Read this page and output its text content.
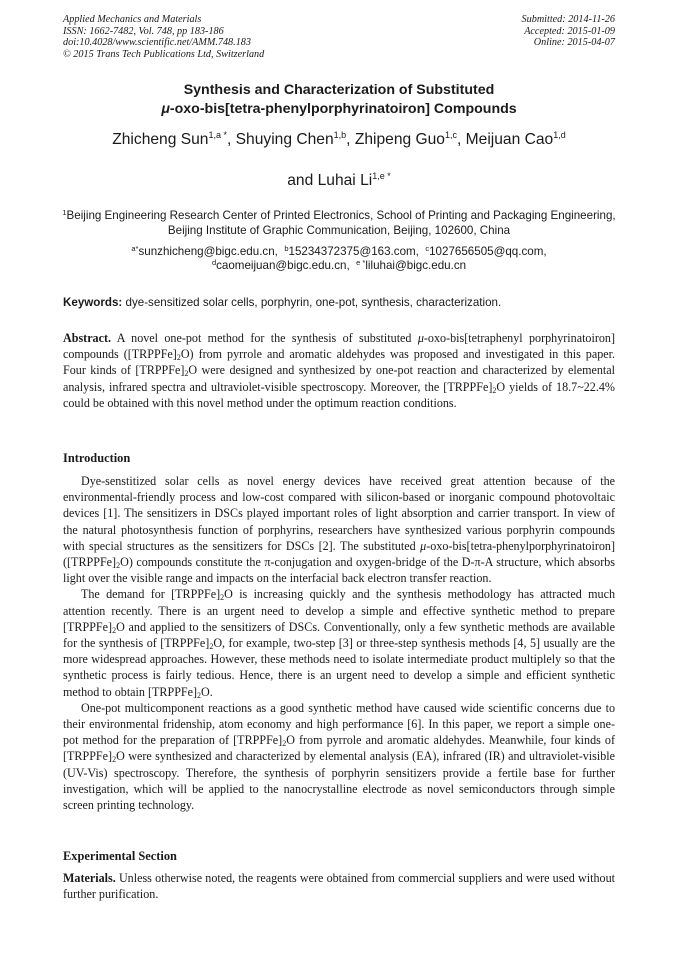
Applied Mechanics and Materials
ISSN: 1662-7482, Vol. 748, pp 183-186
doi:10.4028/www.scientific.net/AMM.748.183
© 2015 Trans Tech Publications Ltd, Switzerland
Submitted: 2014-11-26
Accepted: 2015-01-09
Online: 2015-04-07
Synthesis and Characterization of Substituted
μ-oxo-bis[tetra-phenylporphyrinatoiron] Compounds
Zhicheng Sun$^{1,a *}$, Shuying Chen$^{1,b}$, Zhipeng Guo$^{1,c}$, Meijuan Cao$^{1,d}$
and Luhai $Li^{1,e *}$
$^1$Beijing Engineering Research Center of Printed Electronics, School of Printing and Packaging Engineering, Beijing Institute of Graphic Communication, Beijing, 102600, China
$^{a*}$sunzhicheng@bigc.edu.cn, $^b$15234372375@163.com, $^c$1027656505@qq.com,
$^d$caomeijuan@bigc.edu.cn, $^{e *}$liluhai@bigc.edu.cn
Keywords: dye-sensitized solar cells, porphyrin, one-pot, synthesis, characterization.

Abstract. A novel one-pot method for the synthesis of substituted μ-oxo-bis[tetraphenyl porphyrinatoiron] compounds $([TRPPFe]_2O)$ from pyrrole and aromatic aldehydes was proposed and investigated in this paper. Four kinds of $[TRPPFe]_2O$ were designed and synthesized by one-pot reaction and characterized by elemental analysis, infrared spectra and ultraviolet-visible spectroscopy. Moreover, the $[TRPPFe]_2O$ yields of 18.7~22.4% could be obtained with this novel method under the optimum reaction conditions.

Introduction

Dye-senstitized solar cells as novel energy devices have received great attention because of the environmental-friendly process and low-cost compared with silicon-based or inorganic compound photovoltaic devices [1]. The sensitizers in DSCs played important roles of light absorption and carrier transport. In view of the natural photosynthesis function of porphyrins, researchers have synthesized various porphyrin compounds with special structures as the sensitizers for DSCs [2]. The substituted μ-oxo-bis[tetra-phenylporphyrinatoiron] $([TRPPFe]_2O)$ compounds constitute the π-conjugation and oxygen-bridge of the D-π-A structure, which absorbs light over the visible range and impacts on the interfacial back electron transfer reaction.

The demand for $[TRPPFe]_2O$ is increasing quickly and the synthesis methodology has attracted much attention recently. There is an urgent need to develop a simple and effective synthetic method to prepare $[TRPPFe]_2O$ and applied to the sensitizers of DSCs. Conventionally, only a few synthetic methods are available for the synthesis of $[TRPPFe]_2O$, for example, two-step [3] or three-step synthesis methods [4, 5] usually are the more widespread approaches. However, these methods need to isolate intermediate product multiplely so that the synthetic process is fairly tedious. Hence, there is an urgent need to develop a simple and efficient synthetic method to obtain $[TRPPFe]_2O$.

One-pot multicomponent reactions as a good synthetic method have caused wide scientific concerns due to their environmental fridenship, atom economy and high performance [6]. In this paper, we report a simple one-pot method for the preparation of $[TRPPFe]_2O$ from pyrrole and aromatic aldehydes. Meanwhile, four kinds of $[TRPPFe]_2O$ were synthesized and characterized by elemental analysis (EA), infrared (IR) and ultraviolet-visible (UV-Vis) spectroscopy. Therefore, the synthesis of porphyrin sensitizers provide a fertile base for further investigation, which will be applied to the nanocrystalline electrode as novel semiconductors through simple screen printing technology.

Experimental Section

Materials. Unless otherwise noted, the reagents were obtained from commercial suppliers and were used without further purification.
